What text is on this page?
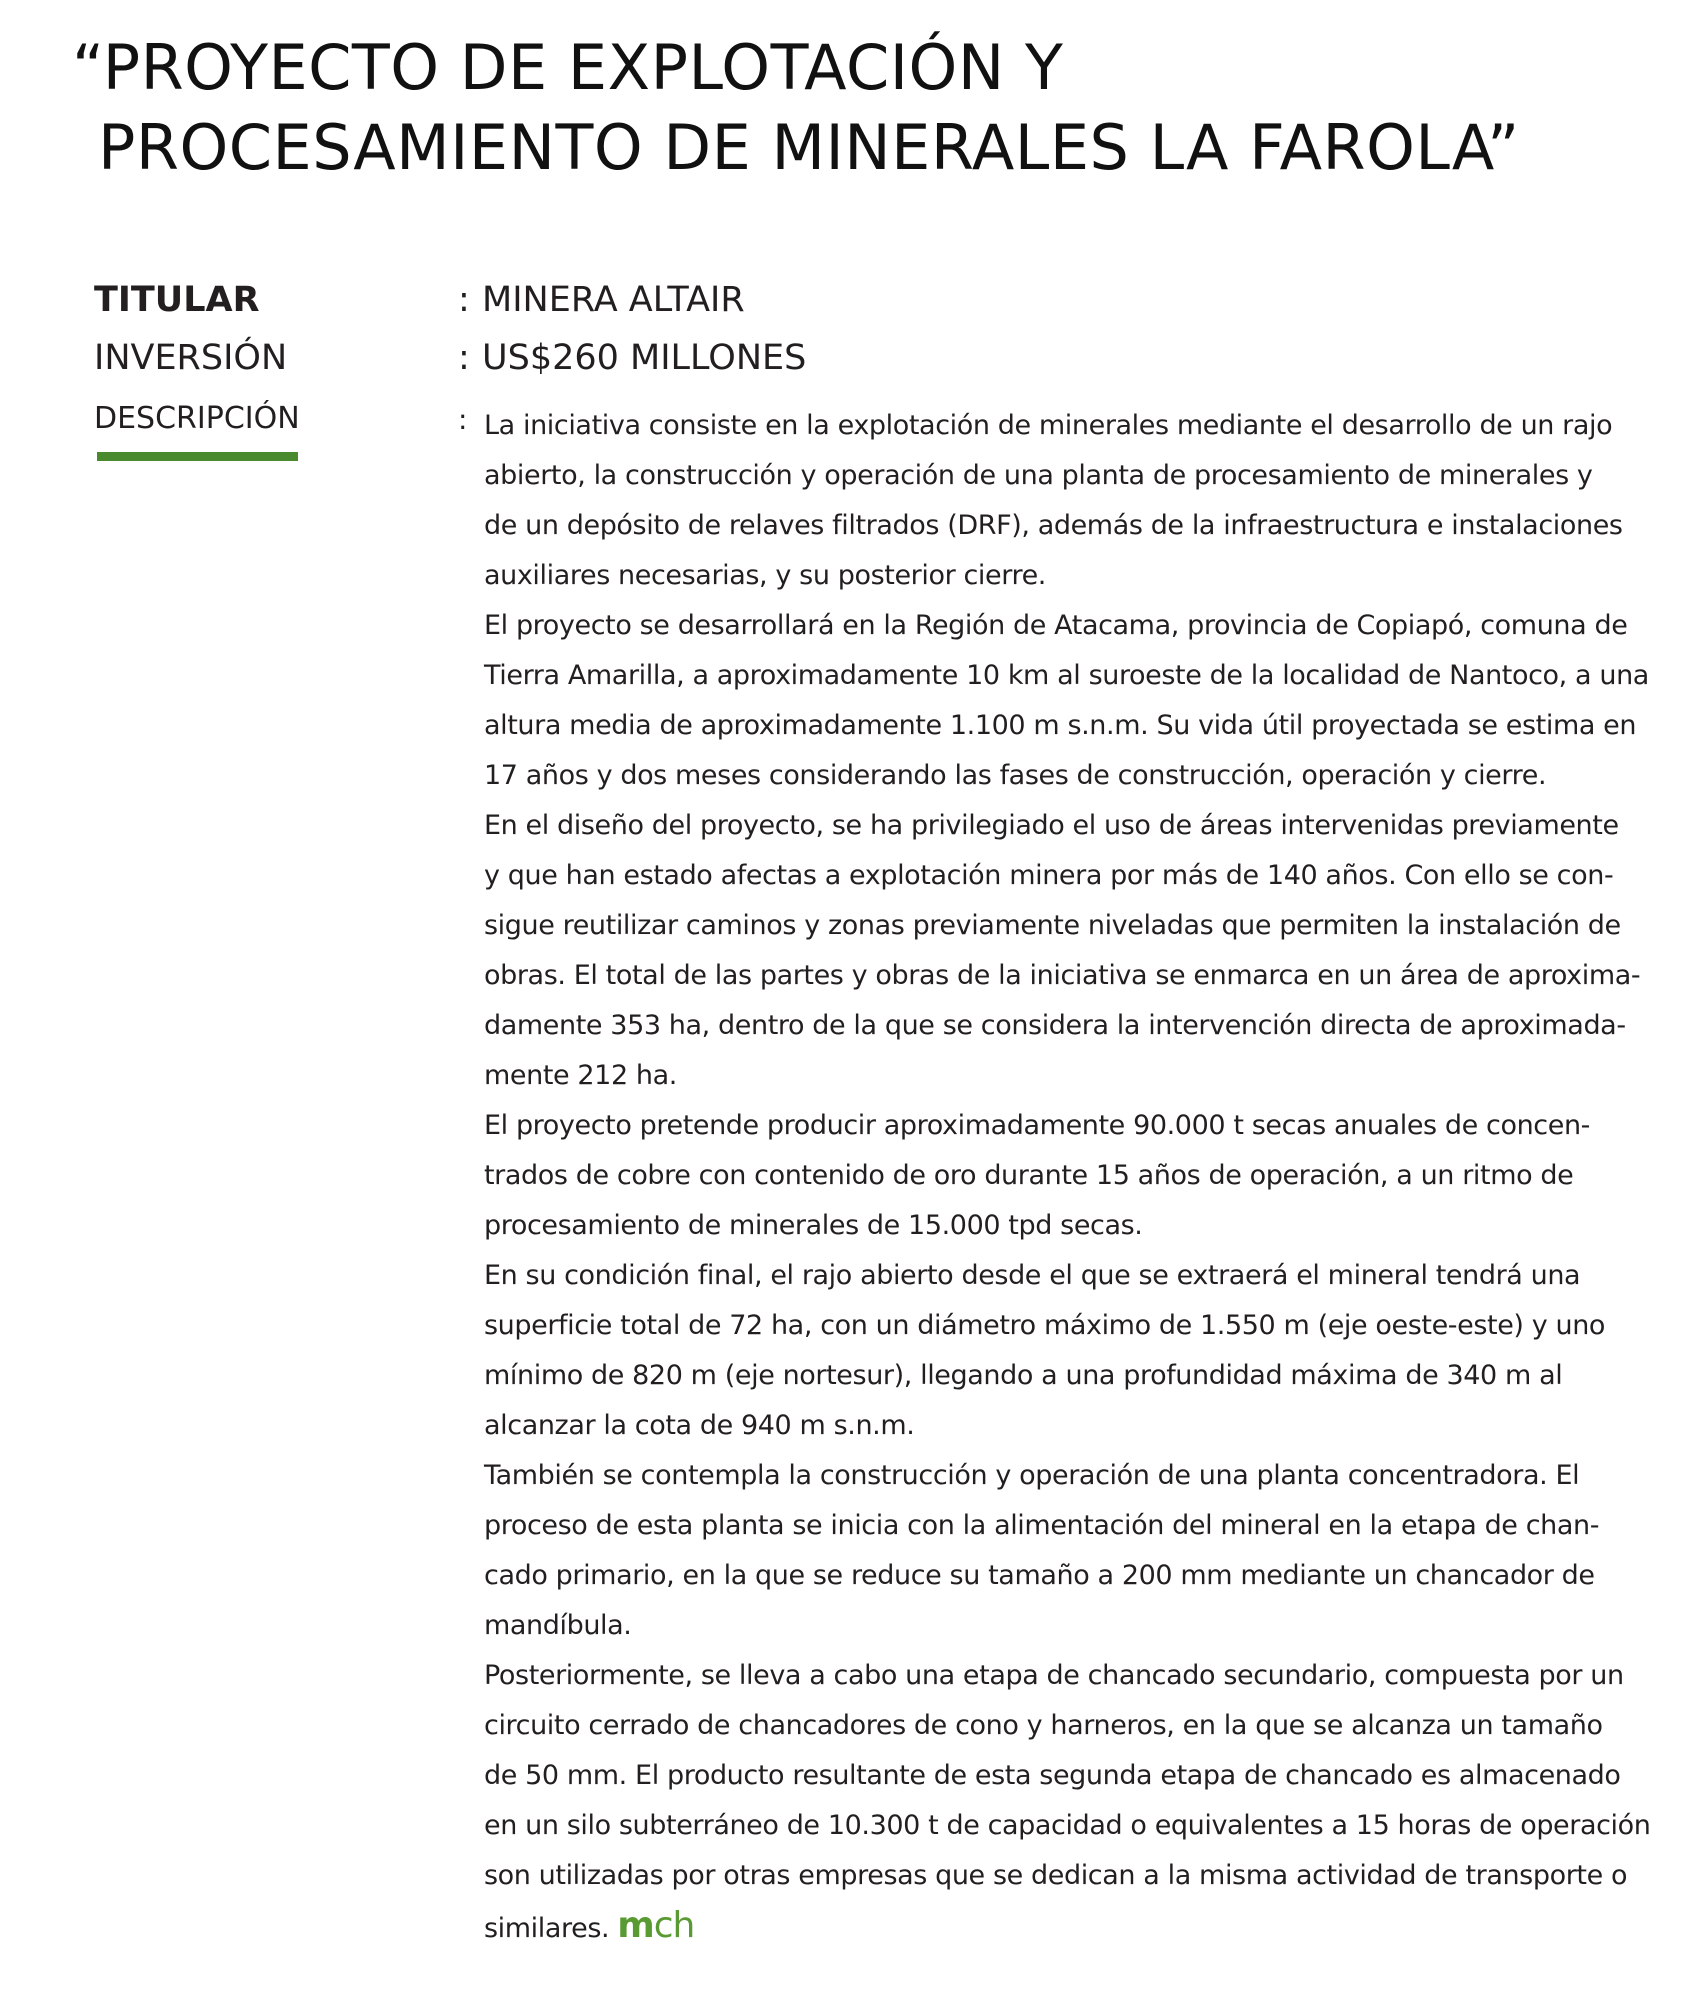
“PROYECTO DE EXPLOTACIÓN Y
PROCESAMIENTO DE MINERALES LA FAROLA”
TITULAR	: MINERA ALTAIR
INVERSIÓN	: US$260 MILLONES
DESCRIPCIÓN	: La iniciativa consiste en la explotación de minerales mediante el desarrollo de un rajo
abierto, la construcción y operación de una planta de procesamiento de minerales y
de un depósito de relaves filtrados (DRF), además de la infraestructura e instalaciones
auxiliares necesarias, y su posterior cierre.
El proyecto se desarrollará en la Región de Atacama, provincia de Copiapó, comuna de
Tierra Amarilla, a aproximadamente 10 km al suroeste de la localidad de Nantoco, a una
altura media de aproximadamente 1.100 m s.n.m. Su vida útil proyectada se estima en
17 años y dos meses considerando las fases de construcción, operación y cierre.
En el diseño del proyecto, se ha privilegiado el uso de áreas intervenidas previamente
y que han estado afectas a explotación minera por más de 140 años. Con ello se con-
sigue reutilizar caminos y zonas previamente niveladas que permiten la instalación de
obras. El total de las partes y obras de la iniciativa se enmarca en un área de aproxima-
damente 353 ha, dentro de la que se considera la intervención directa de aproximada-
mente 212 ha.
El proyecto pretende producir aproximadamente 90.000 t secas anuales de concen-
trados de cobre con contenido de oro durante 15 años de operación, a un ritmo de
procesamiento de minerales de 15.000 tpd secas.
En su condición final, el rajo abierto desde el que se extraerá el mineral tendrá una
superficie total de 72 ha, con un diámetro máximo de 1.550 m (eje oeste-este) y uno
mínimo de 820 m (eje nortesur), llegando a una profundidad máxima de 340 m al
alcanzar la cota de 940 m s.n.m.
También se contempla la construcción y operación de una planta concentradora. El
proceso de esta planta se inicia con la alimentación del mineral en la etapa de chan-
cado primario, en la que se reduce su tamaño a 200 mm mediante un chancador de
mandíbula.
Posteriormente, se lleva a cabo una etapa de chancado secundario, compuesta por un
circuito cerrado de chancadores de cono y harneros, en la que se alcanza un tamaño
de 50 mm. El producto resultante de esta segunda etapa de chancado es almacenado
en un silo subterráneo de 10.300 t de capacidad o equivalentes a 15 horas de operación
son utilizadas por otras empresas que se dedican a la misma actividad de transporte o
similares. mch
